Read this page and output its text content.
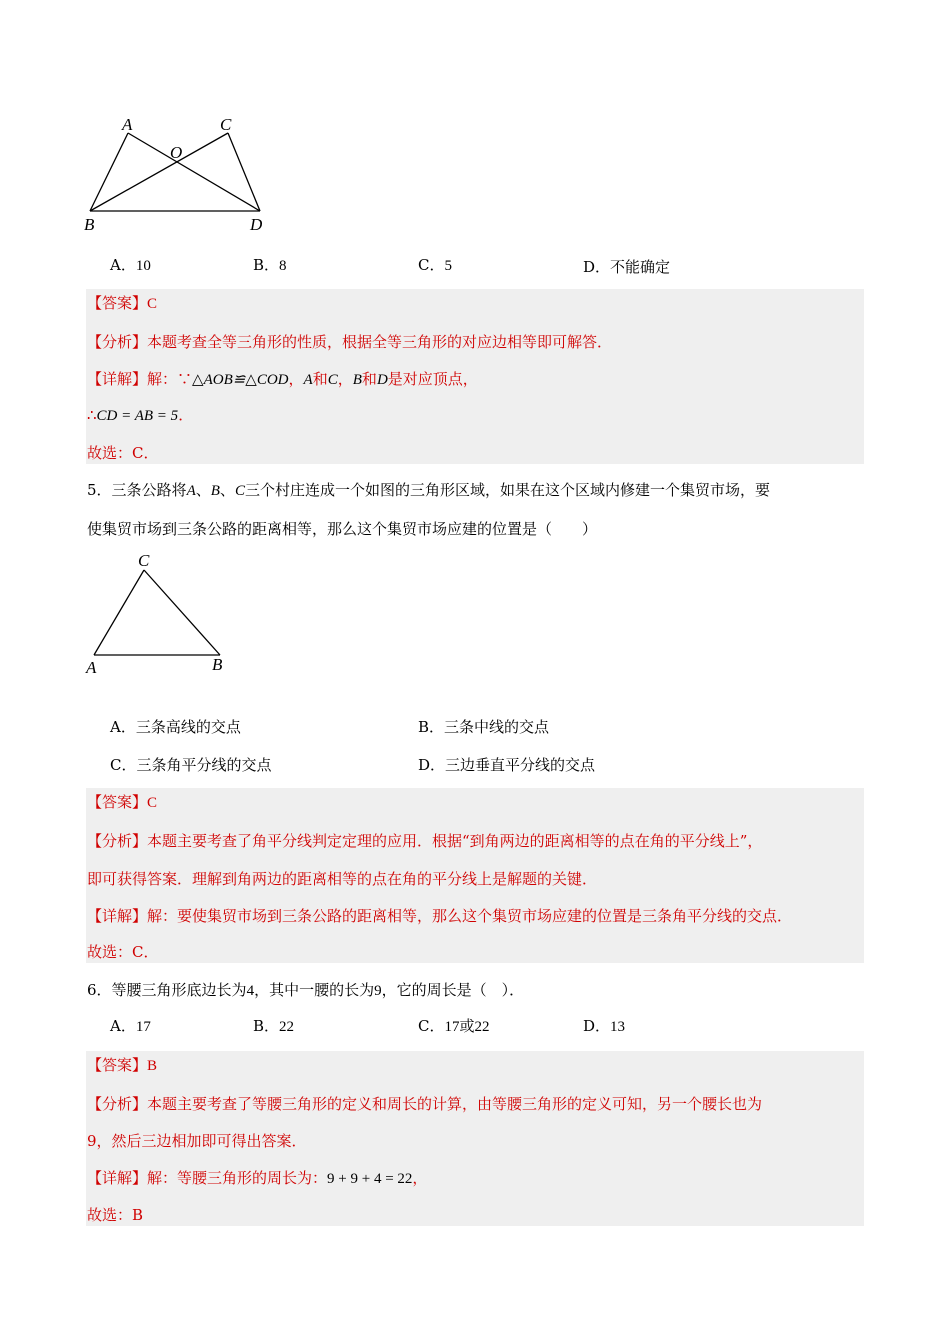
A	C
O
B	D
A．10	B．8	C．5	D．不能确定
【答案】C
【分析】本题考查全等三角形的性质，根据全等三角形的对应边相等即可解答．
【详解】解：∵△AOB≌△COD，A和C，B和D是对应顶点，
∴CD = AB = 5．
故选：C．
5．三条公路将A、B、C三个村庄连成一个如图的三角形区域，如果在这个区域内修建一个集贸市场，要
使集贸市场到三条公路的距离相等，那么这个集贸市场应建的位置是（　　）
C
A	B
A．三条高线的交点	B．三条中线的交点
C．三条角平分线的交点	D．三边垂直平分线的交点
【答案】C
【分析】本题主要考查了角平分线判定定理的应用．根据“到角两边的距离相等的点在角的平分线上”，
即可获得答案．理解到角两边的距离相等的点在角的平分线上是解题的关键．
【详解】解：要使集贸市场到三条公路的距离相等，那么这个集贸市场应建的位置是三条角平分线的交点．
故选：C．
6．等腰三角形底边长为4，其中一腰的长为9，它的周长是（　）．
A．17	B．22	C．17或22	D．13
【答案】B
【分析】本题主要考查了等腰三角形的定义和周长的计算，由等腰三角形的定义可知，另一个腰长也为
9，然后三边相加即可得出答案．
【详解】解：等腰三角形的周长为：9 + 9 + 4 = 22，
故选：B
